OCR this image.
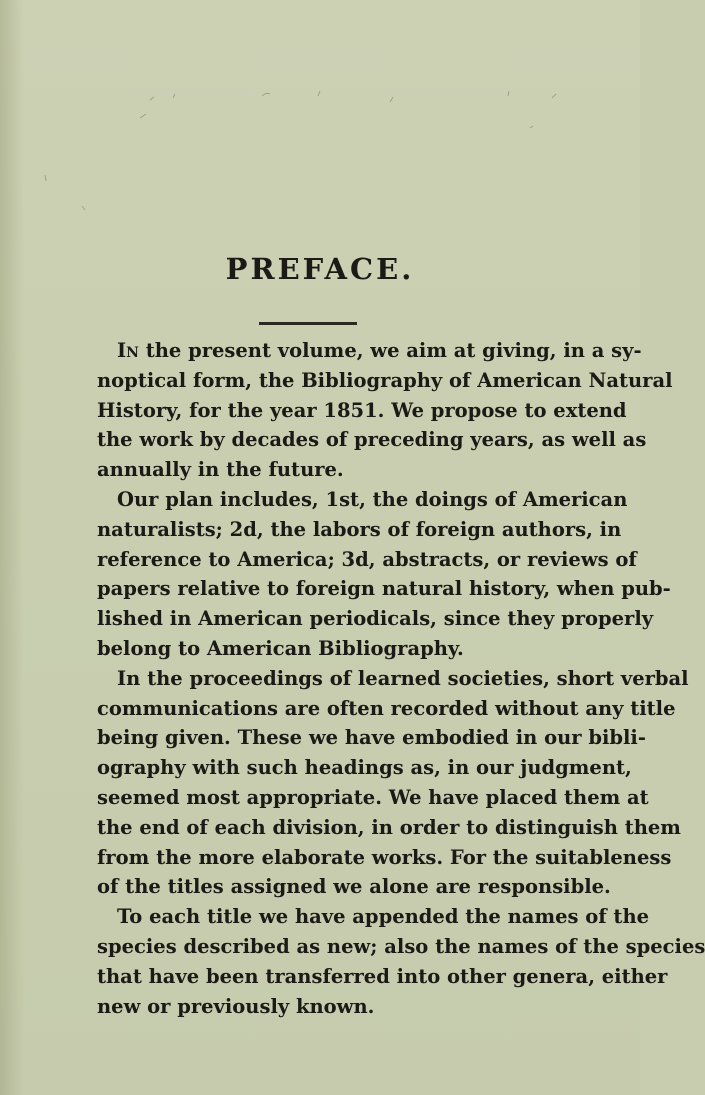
PREFACE.
In the present volume, we aim at giving, in a sy-
noptical form, the Bibliography of American Natural
History, for the year 1851. We propose to extend
the work by decades of preceding years, as well as
annually in the future.
Our plan includes, 1st, the doings of American
naturalists; 2d, the labors of foreign authors, in
reference to America; 3d, abstracts, or reviews of
papers relative to foreign natural history, when pub-
lished in American periodicals, since they properly
belong to American Bibliography.
In the proceedings of learned societies, short verbal
communications are often recorded without any title
being given. These we have embodied in our bibli-
ography with such headings as, in our judgment,
seemed most appropriate. We have placed them at
the end of each division, in order to distinguish them
from the more elaborate works. For the suitableness
of the titles assigned we alone are responsible.
To each title we have appended the names of the
species described as new; also the names of the species
that have been transferred into other genera, either
new or previously known.
